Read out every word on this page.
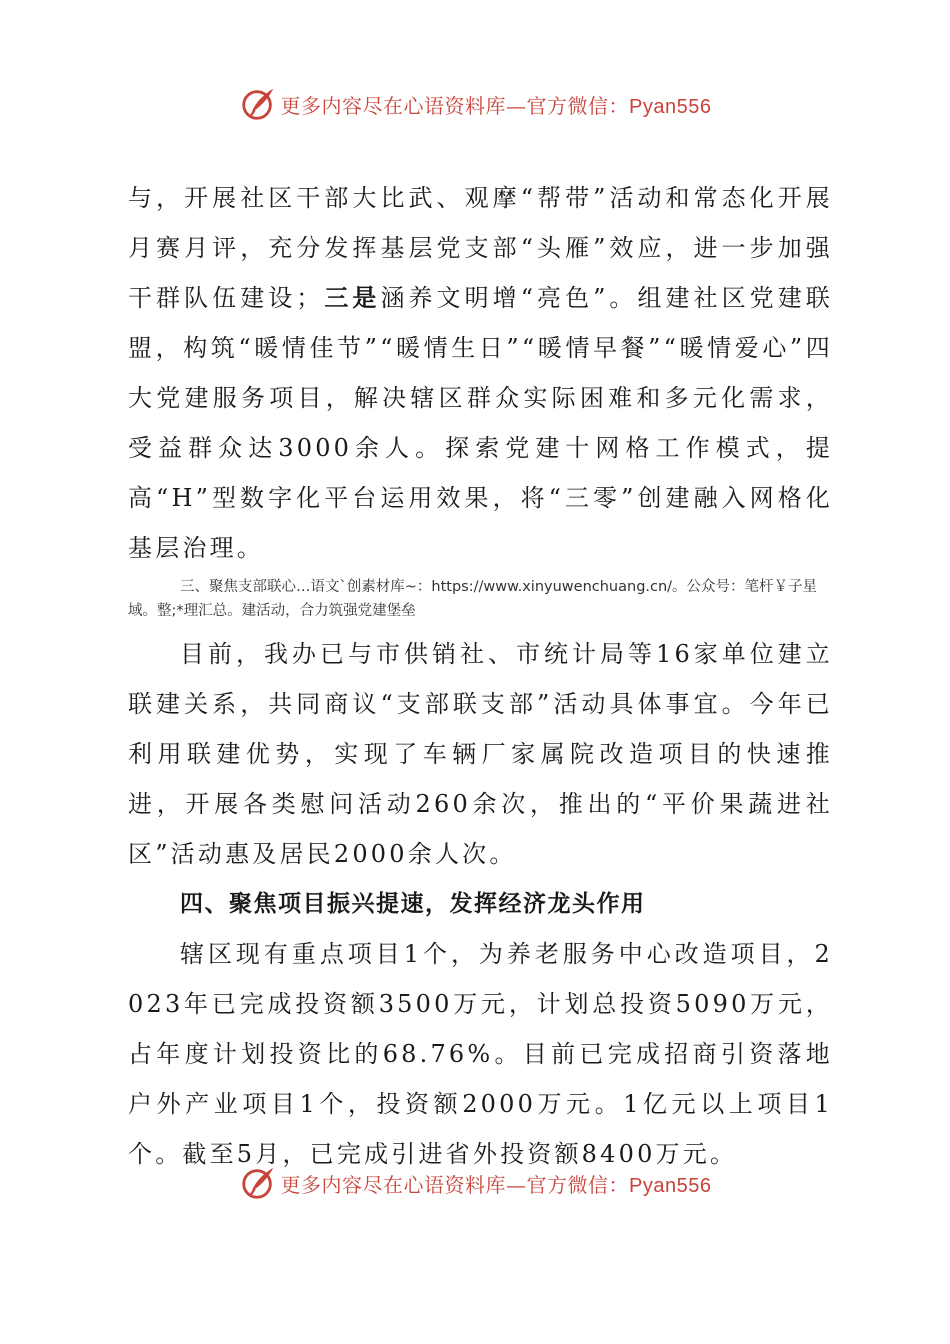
更多内容尽在心语资料库—官方微信：Pyan556

与，开展社区干部大比武、观摩“帮带”活动和常态化开展月赛月评，充分发挥基层党支部“头雁”效应，进一步加强干群队伍建设；三是涵养文明增“亮色”。组建社区党建联盟，构筑“暖情佳节”“暖情生日”“暖情早餐”“暖情爱心”四大党建服务项目，解决辖区群众实际困难和多元化需求，受益群众达3000余人。探索党建十网格工作模式，提高“H”型数字化平台运用效果，将“三零”创建融入网格化基层治理。

三、聚焦支部联心…语文`创素材库~：https://www.xinyuwenchuang.cn/。公众号：笔杆￥子星域。整;*理汇总。建活动，合力筑强党建堡垒

目前，我办已与市供销社、市统计局等16家单位建立联建关系，共同商议“支部联支部”活动具体事宜。今年已利用联建优势，实现了车辆厂家属院改造项目的快速推进，开展各类慰问活动260余次，推出的“平价果蔬进社区”活动惠及居民2000余人次。

四、聚焦项目振兴提速，发挥经济龙头作用

辖区现有重点项目1个，为养老服务中心改造项目，2023年已完成投资额3500万元，计划总投资5090万元，占年度计划投资比的68.76%。目前已完成招商引资落地户外产业项目1个，投资额2000万元。1亿元以上项目1个。截至5月，已完成引进省外投资额8400万元。

更多内容尽在心语资料库—官方微信：Pyan556
